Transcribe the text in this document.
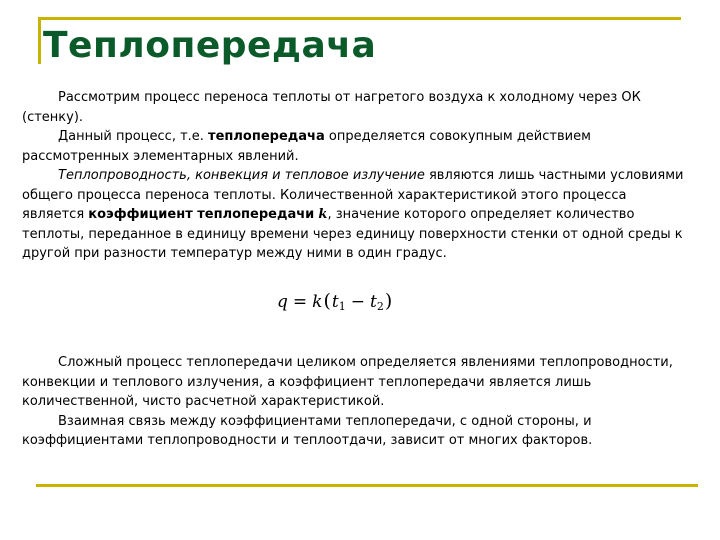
Теплопередача

Рассмотрим процесс переноса теплоты от нагретого воздуха к холодному через ОК (стенку).

Данный процесс, т.е. теплопередача определяется совокупным действием рассмотренных элементарных явлений.

Теплопроводность, конвекция и тепловое излучение являются лишь частными условиями общего процесса переноса теплоты. Количественной характеристикой этого процесса является коэффициент теплопередачи k, значение которого определяет количество теплоты, переданное в единицу времени через единицу поверхности стенки от одной среды к другой при разности температур между ними в один градус.

$q = k(t_1 - t_2)$

Сложный процесс теплопередачи целиком определяется явлениями теплопроводности, конвекции и теплового излучения, а коэффициент теплопередачи является лишь количественной, чисто расчетной характеристикой.

Взаимная связь между коэффициентами теплопередачи, с одной стороны, и коэффициентами теплопроводности и теплоотдачи, зависит от многих факторов.
